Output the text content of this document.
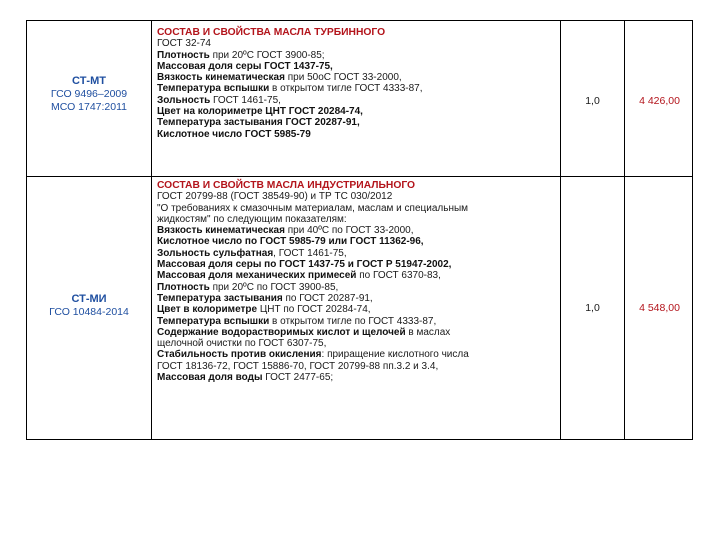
СТ-МТ
ГСО 9496–2009
МСО 1747:2011
СОСТАВ И СВОЙСТВА МАСЛА ТУРБИННОГО
ГОСТ 32-74
Плотность при 20ºС ГОСТ 3900-85;
Массовая доля серы ГОСТ 1437-75,
Вязкость кинематическая при 50оС ГОСТ 33-2000,
Температура вспышки в открытом тигле ГОСТ 4333-87,
Зольность ГОСТ 1461-75,
Цвет на колориметре ЦНТ ГОСТ 20284-74,
Температура застывания ГОСТ 20287-91,
Кислотное число ГОСТ 5985-79
1,0	4 426,00
СТ-МИ
ГСО 10484-2014
СОСТАВ И СВОЙСТВ МАСЛА ИНДУСТРИАЛЬНОГО
ГОСТ 20799-88 (ГОСТ 38549-90) и ТР ТС 030/2012
"О требованиях к смазочным материалам, маслам и специальным
жидкостям" по следующим показателям:
Вязкость кинематическая при 40ºС по ГОСТ 33-2000,
Кислотное число по ГОСТ 5985-79 или ГОСТ 11362-96,
Зольность сульфатная, ГОСТ 1461-75,
Массовая доля серы по ГОСТ 1437-75 и ГОСТ Р 51947-2002,
Массовая доля механических примесей по ГОСТ 6370-83,
Плотность при 20ºС по ГОСТ 3900-85,
Температура застывания по ГОСТ 20287-91,
Цвет в колориметре ЦНТ по ГОСТ 20284-74,
Температура вспышки в открытом тигле по ГОСТ 4333-87,
Содержание водорастворимых кислот и щелочей в маслах
щелочной очистки по ГОСТ 6307-75,
Стабильность против окисления: приращение кислотного числа
ГОСТ 18136-72, ГОСТ 15886-70, ГОСТ 20799-88 пп.3.2 и 3.4,
Массовая доля воды ГОСТ 2477-65;
1,0	4 548,00
